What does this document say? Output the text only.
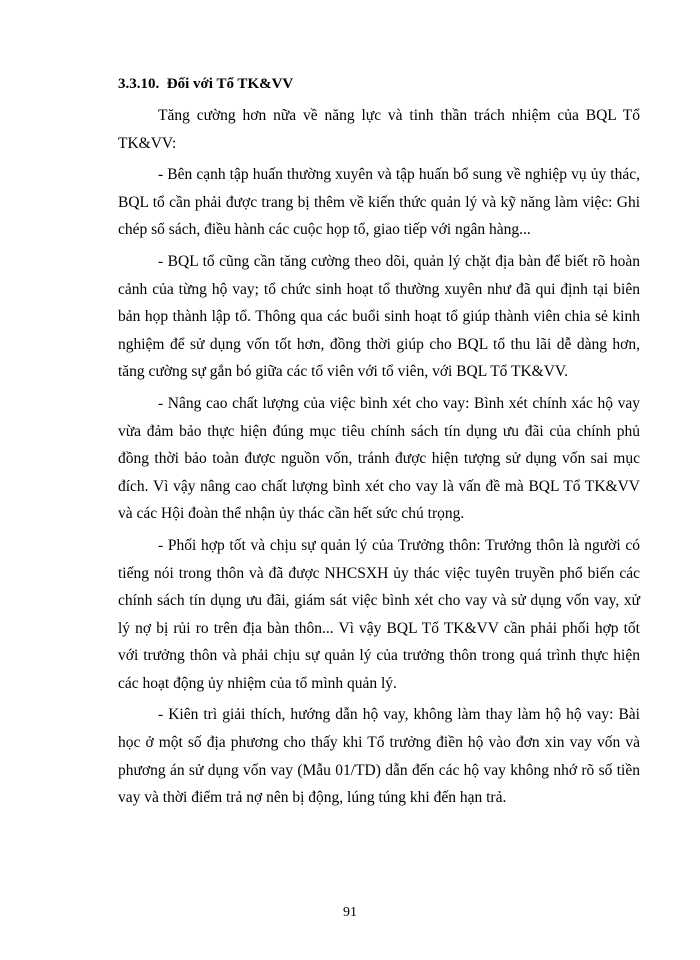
3.3.10. Đối với Tổ TK&VV

Tăng cường hơn nữa về năng lực và tinh thần trách nhiệm của BQL Tổ TK&VV:

- Bên cạnh tập huấn thường xuyên và tập huấn bổ sung về nghiệp vụ ủy thác, BQL tổ cần phải được trang bị thêm về kiến thức quản lý và kỹ năng làm việc: Ghi chép sổ sách, điều hành các cuộc họp tổ, giao tiếp với ngân hàng...

- BQL tổ cũng cần tăng cường theo dõi, quản lý chặt địa bàn để biết rõ hoàn cảnh của từng hộ vay; tổ chức sinh hoạt tổ thường xuyên như đã qui định tại biên bản họp thành lập tổ. Thông qua các buổi sinh hoạt tổ giúp thành viên chia sẻ kinh nghiệm để sử dụng vốn tốt hơn, đồng thời giúp cho BQL tổ thu lãi dễ dàng hơn, tăng cường sự gắn bó giữa các tổ viên với tổ viên, với BQL Tổ TK&VV.

- Nâng cao chất lượng của việc bình xét cho vay: Bình xét chính xác hộ vay vừa đảm bảo thực hiện đúng mục tiêu chính sách tín dụng ưu đãi của chính phủ đồng thời bảo toàn được nguồn vốn, tránh được hiện tượng sử dụng vốn sai mục đích. Vì vậy nâng cao chất lượng bình xét cho vay là vấn đề mà BQL Tổ TK&VV và các Hội đoàn thể nhận ủy thác cần hết sức chú trọng.

- Phối hợp tốt và chịu sự quản lý của Trưởng thôn: Trưởng thôn là người có tiếng nói trong thôn và đã được NHCSXH ủy thác việc tuyên truyền phổ biến các chính sách tín dụng ưu đãi, giám sát việc bình xét cho vay và sử dụng vốn vay, xử lý nợ bị rủi ro trên địa bàn thôn... Vì vậy BQL Tổ TK&VV cần phải phối hợp tốt với trưởng thôn và phải chịu sự quản lý của trưởng thôn trong quá trình thực hiện các hoạt động ủy nhiệm của tổ mình quản lý.

- Kiên trì giải thích, hướng dẫn hộ vay, không làm thay làm hộ hộ vay: Bài học ở một số địa phương cho thấy khi Tổ trưởng điền hộ vào đơn xin vay vốn và phương án sử dụng vốn vay (Mẫu 01/TD) dẫn đến các hộ vay không nhớ rõ số tiền vay và thời điểm trả nợ nên bị động, lúng túng khi đến hạn trả.

91
